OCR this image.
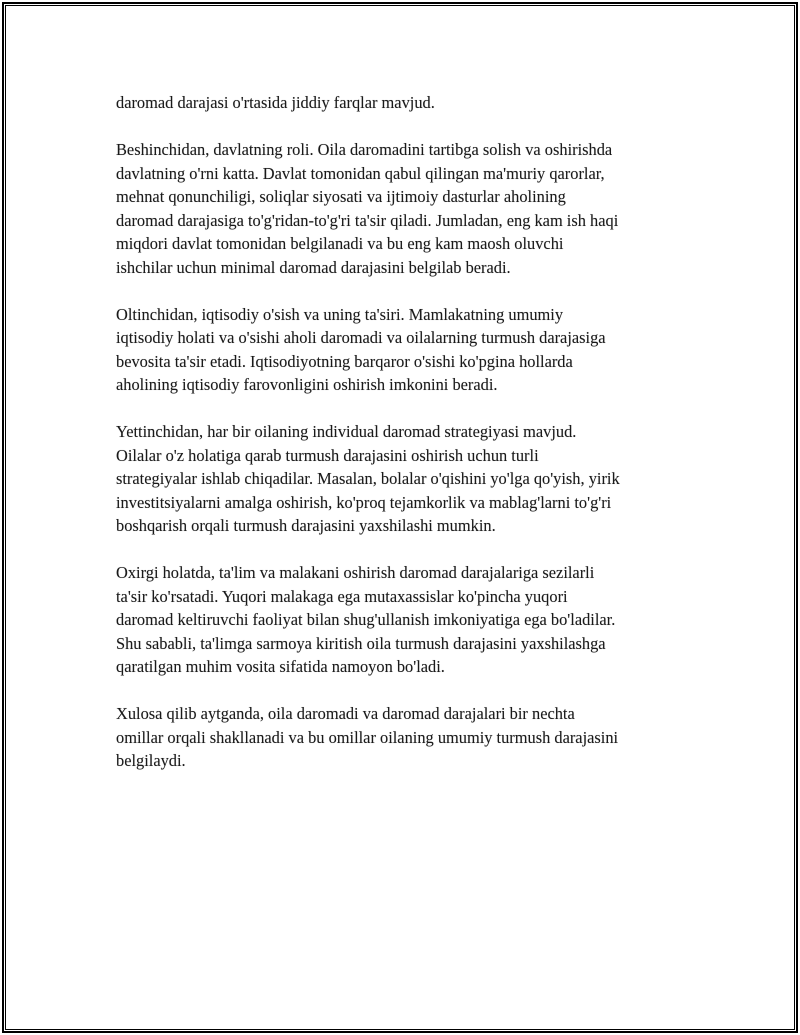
daromad darajasi o'rtasida jiddiy farqlar mavjud.

Beshinchidan, davlatning roli. Oila daromadini tartibga solish va oshirishda
davlatning o'rni katta. Davlat tomonidan qabul qilingan ma'muriy qarorlar,
mehnat qonunchiligi, soliqlar siyosati va ijtimoiy dasturlar aholining
daromad darajasiga to'g'ridan-to'g'ri ta'sir qiladi. Jumladan, eng kam ish haqi
miqdori davlat tomonidan belgilanadi va bu eng kam maosh oluvchi
ishchilar uchun minimal daromad darajasini belgilab beradi.

Oltinchidan, iqtisodiy o'sish va uning ta'siri. Mamlakatning umumiy
iqtisodiy holati va o'sishi aholi daromadi va oilalarning turmush darajasiga
bevosita ta'sir etadi. Iqtisodiyotning barqaror o'sishi ko'pgina hollarda
aholining iqtisodiy farovonligini oshirish imkonini beradi.

Yettinchidan, har bir oilaning individual daromad strategiyasi mavjud.
Oilalar o'z holatiga qarab turmush darajasini oshirish uchun turli
strategiyalar ishlab chiqadilar. Masalan, bolalar o'qishini yo'lga qo'yish, yirik
investitsiyalarni amalga oshirish, ko'proq tejamkorlik va mablag'larni to'g'ri
boshqarish orqali turmush darajasini yaxshilashi mumkin.

Oxirgi holatda, ta'lim va malakani oshirish daromad darajalariga sezilarli
ta'sir ko'rsatadi. Yuqori malakaga ega mutaxassislar ko'pincha yuqori
daromad keltiruvchi faoliyat bilan shug'ullanish imkoniyatiga ega bo'ladilar.
Shu sababli, ta'limga sarmoya kiritish oila turmush darajasini yaxshilashga
qaratilgan muhim vosita sifatida namoyon bo'ladi.

Xulosa qilib aytganda, oila daromadi va daromad darajalari bir nechta
omillar orqali shakllanadi va bu omillar oilaning umumiy turmush darajasini
belgilaydi.
